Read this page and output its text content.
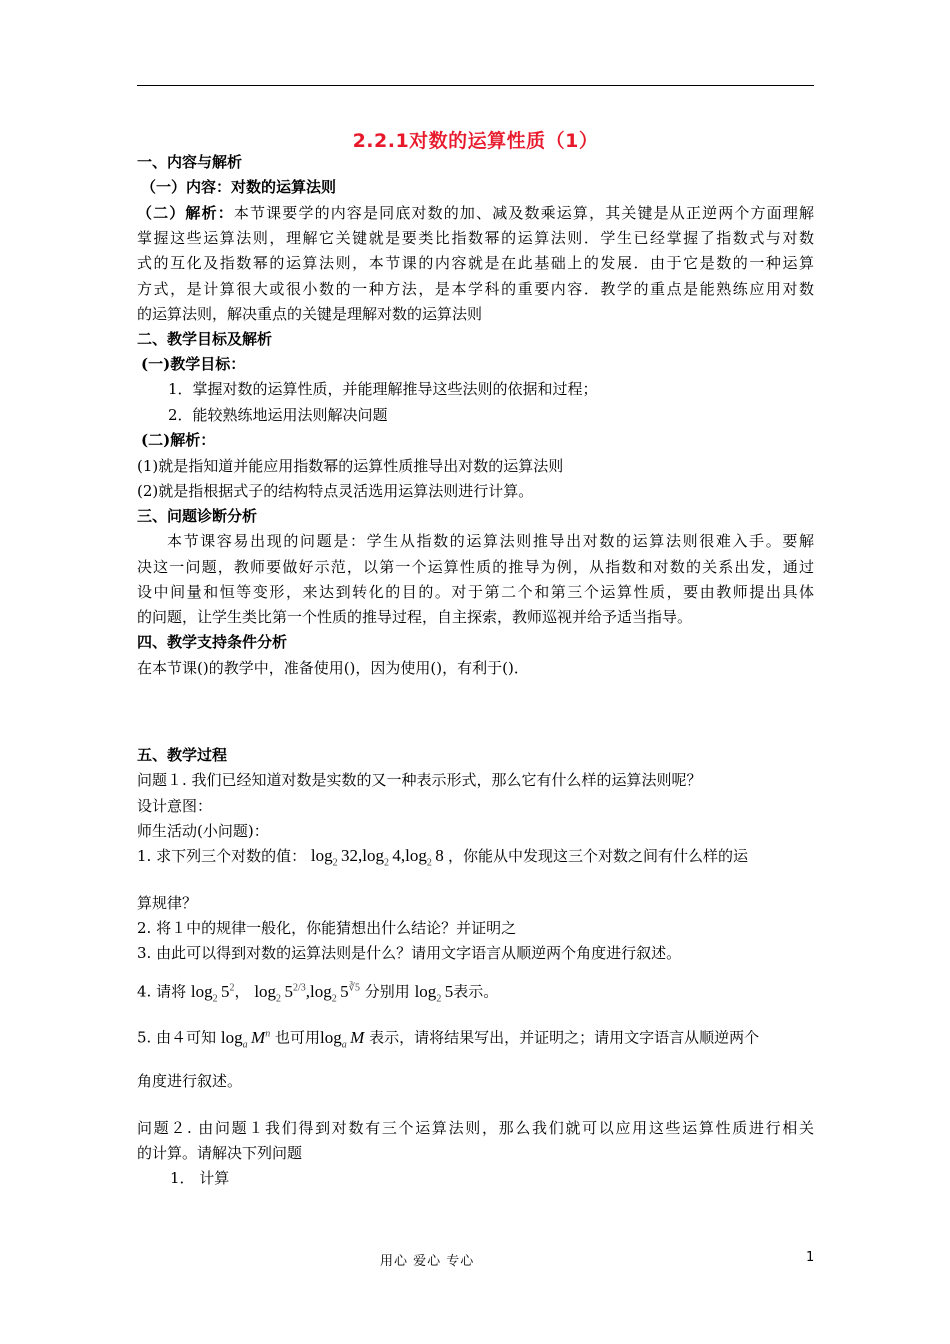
2.2.1对数的运算性质（1）
一、内容与解析
（一）内容：对数的运算法则
（二）解析：本节课要学的内容是同底对数的加、减及数乘运算，其关键是从正逆两个方面理解
掌握这些运算法则，理解它关键就是要类比指数幂的运算法则．学生已经掌握了指数式与对数
式的互化及指数幂的运算法则，本节课的内容就是在此基础上的发展．由于它是数的一种运算
方式，是计算很大或很小数的一种方法，是本学科的重要内容．教学的重点是能熟练应用对数
的运算法则，解决重点的关键是理解对数的运算法则
二、教学目标及解析
(一)教学目标：
1．掌握对数的运算性质，并能理解推导这些法则的依据和过程；
2．能较熟练地运用法则解决问题
(二)解析：
(1)就是指知道并能应用指数幂的运算性质推导出对数的运算法则
(2)就是指根据式子的结构特点灵活选用运算法则进行计算。
三、问题诊断分析
本节课容易出现的问题是：学生从指数的运算法则推导出对数的运算法则很难入手。要解
决这一问题，教师要做好示范，以第一个运算性质的推导为例，从指数和对数的关系出发，通过
设中间量和恒等变形，来达到转化的目的。对于第二个和第三个运算性质，要由教师提出具体
的问题，让学生类比第一个性质的推导过程，自主探索，教师巡视并给予适当指导。
四、教学支持条件分析
在本节课()的教学中，准备使用()，因为使用()，有利于()．
五、教学过程
问题１. 我们已经知道对数是实数的又一种表示形式，那么它有什么样的运算法则呢？
设计意图：
师生活动(小问题)：
1. 求下列三个对数的值： $\log_2 32,\log_2$  $4,\log_2$  8 ，你能从中发现这三个对数之间有什么样的运
算规律？
2. 将１中的规律一般化，你能猜想出什么结论？并证明之
3. 由此可以得到对数的运算法则是什么？请用文字语言从顺逆两个角度进行叙述。
4. 请将 $\log_2 5^2$， $\log_2 5^{2/3},\log_2$  $5^{∛5}$ 分别用 $\log_2 5$表示。
5. 由４可知 $\log_a M^n$ 也可用$\log_a M$ 表示，请将结果写出，并证明之；请用文字语言从顺逆两个
角度进行叙述。
问题２. 由问题１我们得到对数有三个运算法则，那么我们就可以应用这些运算性质进行相关
的计算。请解决下列问题
1． 计算
用心 爱心 专心	1
